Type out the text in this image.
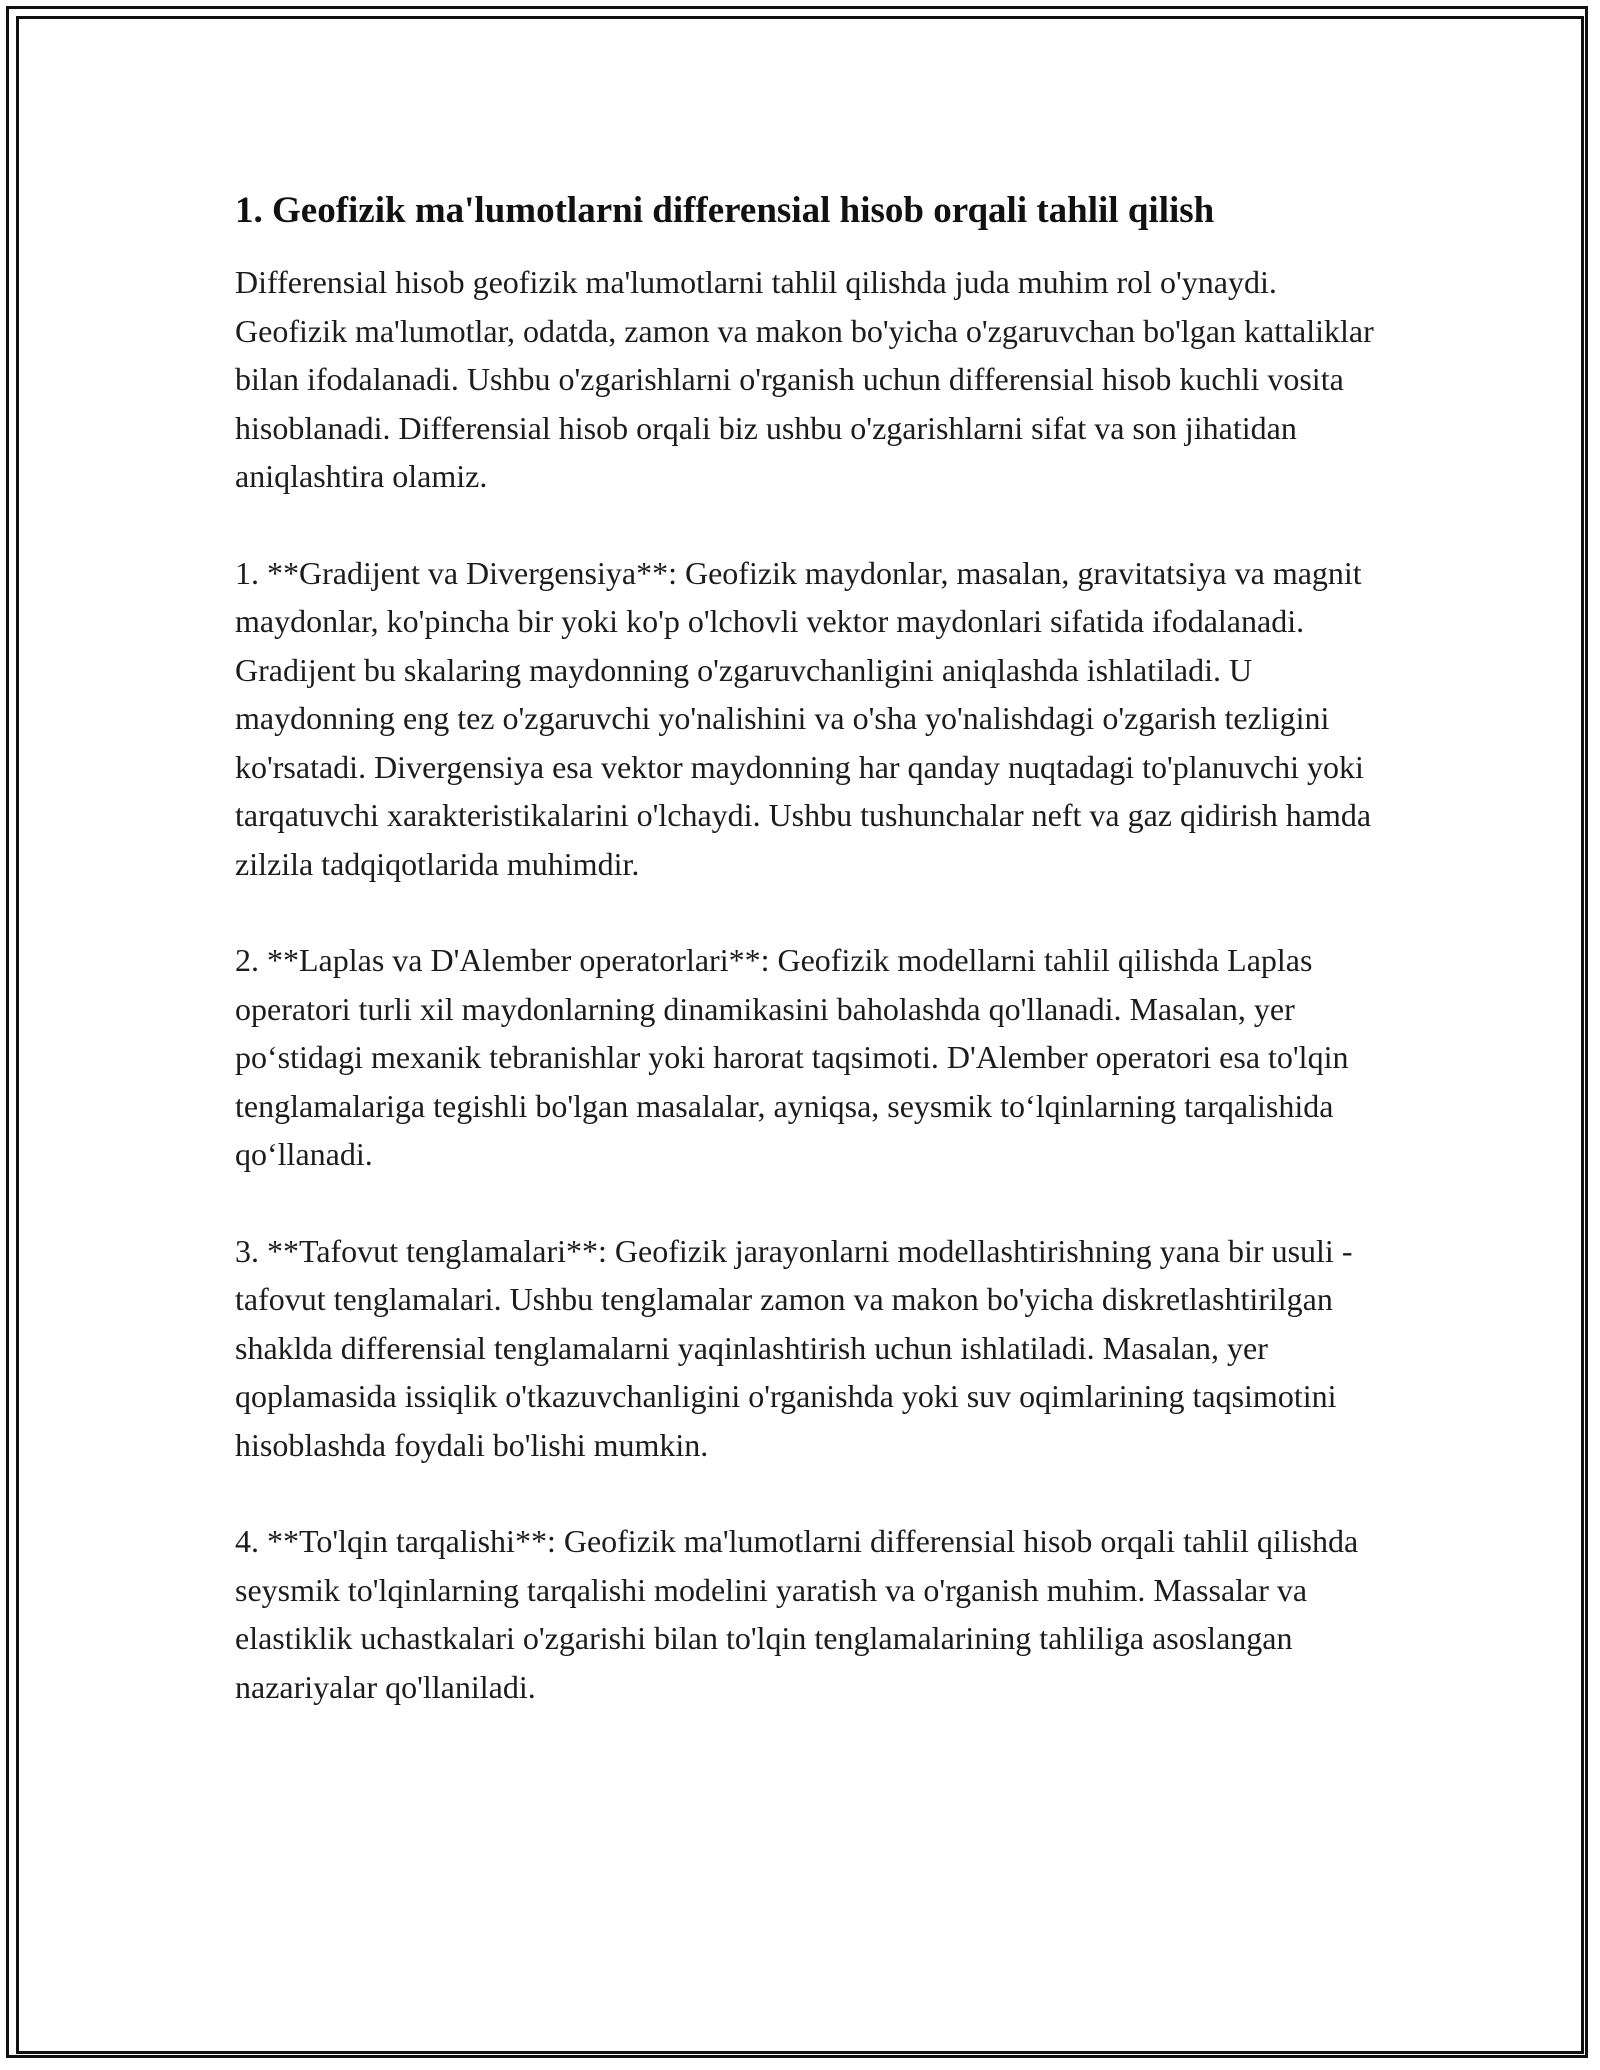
1. Geofizik ma'lumotlarni differensial hisob orqali tahlil qilish

Differensial hisob geofizik ma'lumotlarni tahlil qilishda juda muhim rol o'ynaydi. Geofizik ma'lumotlar, odatda, zamon va makon bo'yicha o'zgaruvchan bo'lgan kattaliklar bilan ifodalanadi. Ushbu o'zgarishlarni o'rganish uchun differensial hisob kuchli vosita hisoblanadi. Differensial hisob orqali biz ushbu o'zgarishlarni sifat va son jihatidan aniqlashtira olamiz.

1. **Gradijent va Divergensiya**: Geofizik maydonlar, masalan, gravitatsiya va magnit maydonlar, ko'pincha bir yoki ko'p o'lchovli vektor maydonlari sifatida ifodalanadi. Gradijent bu skalaring maydonning o'zgaruvchanligini aniqlashda ishlatiladi. U maydonning eng tez o'zgaruvchi yo'nalishini va o'sha yo'nalishdagi o'zgarish tezligini ko'rsatadi. Divergensiya esa vektor maydonning har qanday nuqtadagi to'planuvchi yoki tarqatuvchi xarakteristikalarini o'lchaydi. Ushbu tushunchalar neft va gaz qidirish hamda zilzila tadqiqotlarida muhimdir.

2. **Laplas va D'Alember operatorlari**: Geofizik modellarni tahlil qilishda Laplas operatori turli xil maydonlarning dinamikasini baholashda qo'llanadi. Masalan, yer po‘stidagi mexanik tebranishlar yoki harorat taqsimoti. D'Alember operatori esa to'lqin tenglamalariga tegishli bo'lgan masalalar, ayniqsa, seysmik to‘lqinlarning tarqalishida qo‘llanadi.

3. **Tafovut tenglamalari**: Geofizik jarayonlarni modellashtirishning yana bir usuli - tafovut tenglamalari. Ushbu tenglamalar zamon va makon bo'yicha diskretlashtirilgan shaklda differensial tenglamalarni yaqinlashtirish uchun ishlatiladi. Masalan, yer qoplamasida issiqlik o'tkazuvchanligini o'rganishda yoki suv oqimlarining taqsimotini hisoblashda foydali bo'lishi mumkin.

4. **To'lqin tarqalishi**: Geofizik ma'lumotlarni differensial hisob orqali tahlil qilishda seysmik to'lqinlarning tarqalishi modelini yaratish va o'rganish muhim. Massalar va elastiklik uchastkalari o'zgarishi bilan to'lqin tenglamalarining tahliliga asoslangan nazariyalar qo'llaniladi.
